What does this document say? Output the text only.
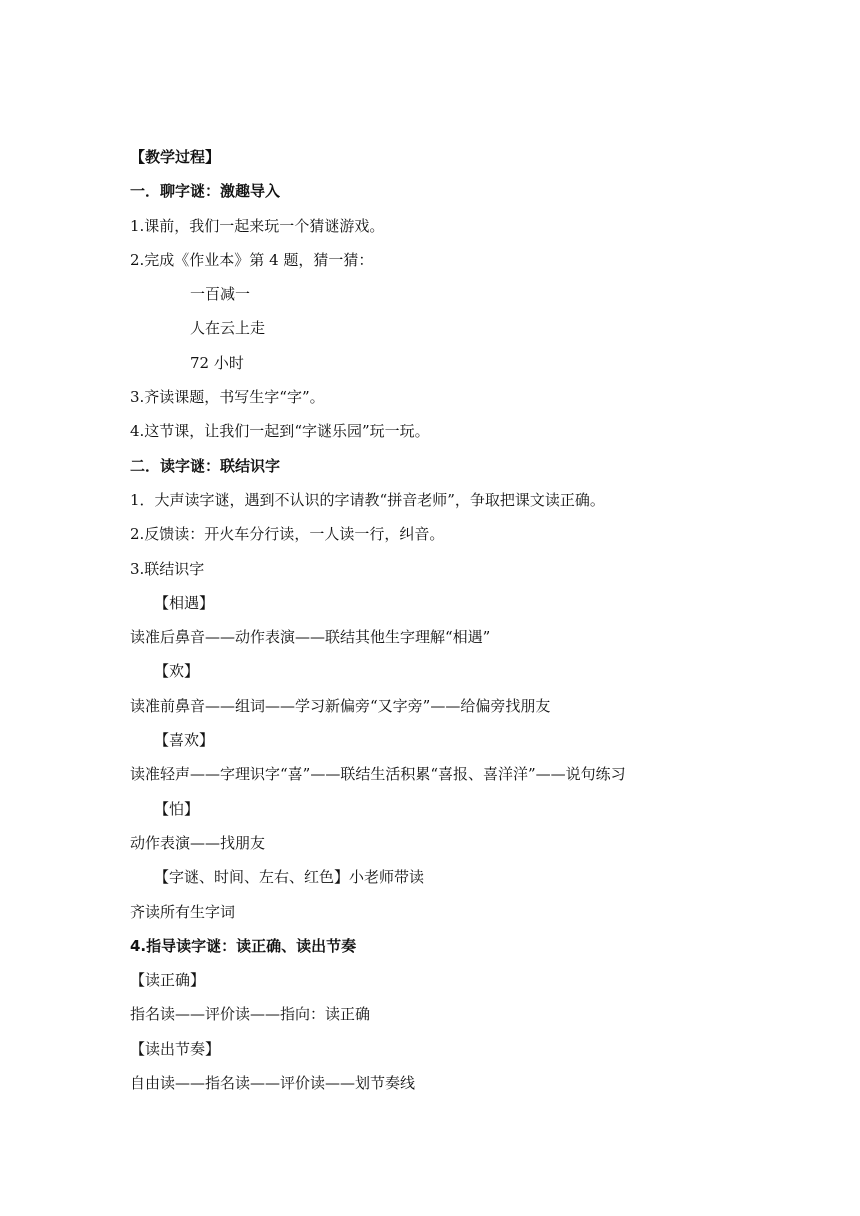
【教学过程】
一．聊字谜：激趣导入
1.课前，我们一起来玩一个猜谜游戏。
2.完成《作业本》第 4 题，猜一猜：
一百减一
人在云上走
72 小时
3.齐读课题，书写生字“字”。
4.这节课，让我们一起到“字谜乐园”玩一玩。
二．读字谜：联结识字
1．大声读字谜，遇到不认识的字请教“拼音老师”，争取把课文读正确。
2.反馈读：开火车分行读，一人读一行，纠音。
3.联结识字
【相遇】
读准后鼻音——动作表演——联结其他生字理解“相遇”
【欢】
读准前鼻音——组词——学习新偏旁“又字旁”——给偏旁找朋友
【喜欢】
读准轻声——字理识字“喜”——联结生活积累“喜报、喜洋洋”——说句练习
【怕】
动作表演——找朋友
【字谜、时间、左右、红色】小老师带读
齐读所有生字词
4.指导读字谜：读正确、读出节奏
【读正确】
指名读——评价读——指向：读正确
【读出节奏】
自由读——指名读——评价读——划节奏线
